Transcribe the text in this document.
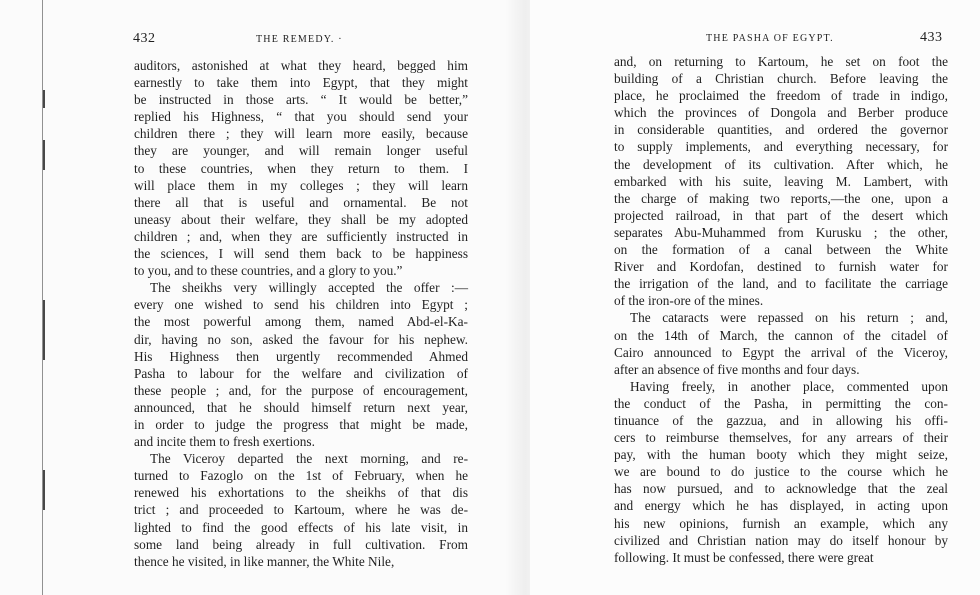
432	THE REMEDY. ·
auditors, astonished at what they heard, begged him
earnestly to take them into Egypt, that they might
be instructed in those arts. “ It would be better,”
replied his Highness, “ that you should send your
children there ; they will learn more easily, because
they are younger, and will remain longer useful
to these countries, when they return to them. I
will place them in my colleges ; they will learn
there all that is useful and ornamental. Be not
uneasy about their welfare, they shall be my adopted
children ; and, when they are sufficiently instructed in
the sciences, I will send them back to be happiness
to you, and to these countries, and a glory to you.”
The sheikhs very willingly accepted the offer :—
every one wished to send his children into Egypt ;
the most powerful among them, named Abd-el-Ka-
dir, having no son, asked the favour for his nephew.
His Highness then urgently recommended Ahmed
Pasha to labour for the welfare and civilization of
these people ; and, for the purpose of encouragement,
announced, that he should himself return next year,
in order to judge the progress that might be made,
and incite them to fresh exertions.
The Viceroy departed the next morning, and re-
turned to Fazoglo on the 1st of February, when he
renewed his exhortations to the sheikhs of that dis
trict ; and proceeded to Kartoum, where he was de-
lighted to find the good effects of his late visit, in
some land being already in full cultivation. From
thence he visited, in like manner, the White Nile,
THE PASHA OF EGYPT.	433
and, on returning to Kartoum, he set on foot the
building of a Christian church. Before leaving the
place, he proclaimed the freedom of trade in indigo,
which the provinces of Dongola and Berber produce
in considerable quantities, and ordered the governor
to supply implements, and everything necessary, for
the development of its cultivation. After which, he
embarked with his suite, leaving M. Lambert, with
the charge of making two reports,—the one, upon a
projected railroad, in that part of the desert which
separates Abu-Muhammed from Kurusku ; the other,
on the formation of a canal between the White
River and Kordofan, destined to furnish water for
the irrigation of the land, and to facilitate the carriage
of the iron-ore of the mines.
The cataracts were repassed on his return ; and,
on the 14th of March, the cannon of the citadel of
Cairo announced to Egypt the arrival of the Viceroy,
after an absence of five months and four days.
Having freely, in another place, commented upon
the conduct of the Pasha, in permitting the con-
tinuance of the gazzua, and in allowing his offi-
cers to reimburse themselves, for any arrears of their
pay, with the human booty which they might seize,
we are bound to do justice to the course which he
has now pursued, and to acknowledge that the zeal
and energy which he has displayed, in acting upon
his new opinions, furnish an example, which any
civilized and Christian nation may do itself honour by
following. It must be confessed, there were great
